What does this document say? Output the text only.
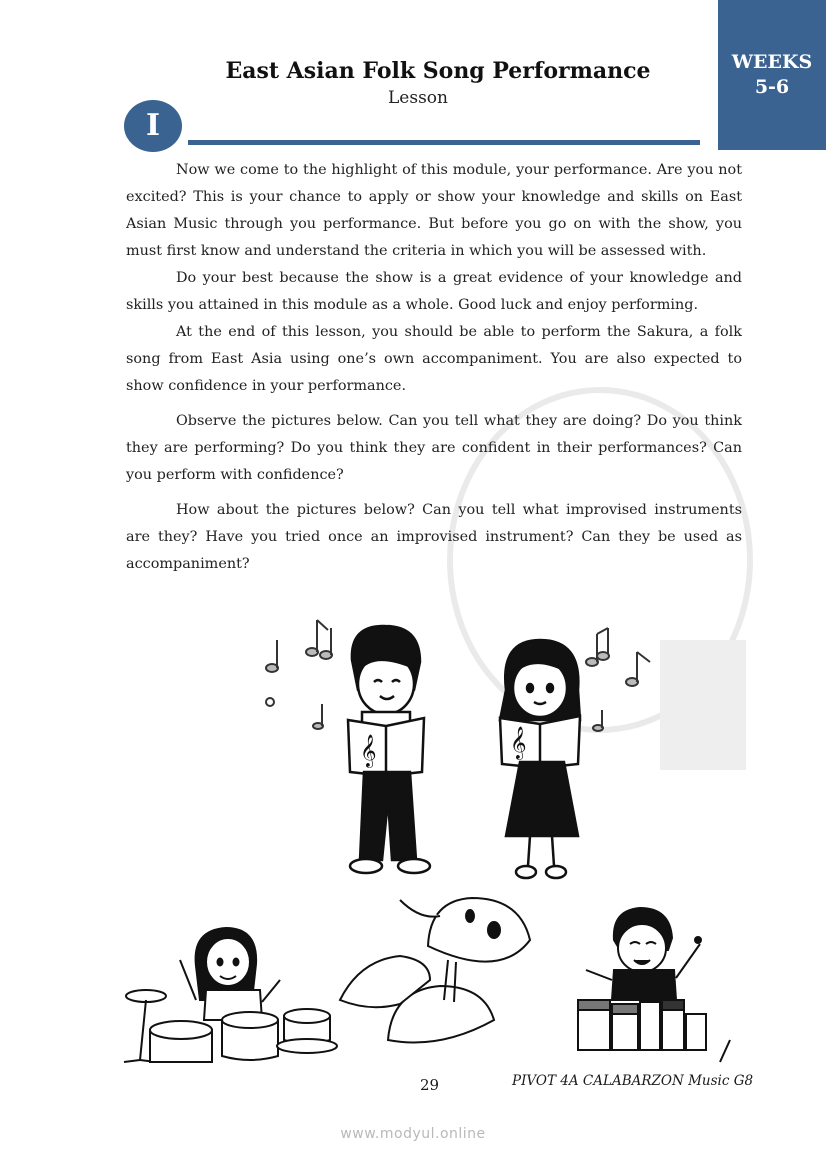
WEEKS
5-6
East Asian Folk Song Performance
Lesson
I

Now we come to the highlight of this module, your performance. Are you not excited? This is your chance to apply or show your knowledge and skills on East Asian Music through you performance. But before you go on with the show, you must first know and understand the criteria in which you will be assessed with.

Do your best because the show is a great evidence of your knowledge and skills you attained in this module as a whole. Good luck and enjoy performing.

At the end of this lesson, you should be able to perform the Sakura, a folk song from East Asia using one’s own accompaniment. You are also expected to show confidence in your performance.

Observe the pictures below. Can you tell what they are doing? Do you think they are performing? Do you think they are confident in their performances? Can you perform with confidence?

How about the pictures below? Can you tell what improvised instruments are they? Have you tried once an improvised instrument? Can they be used as accompaniment?

𝄞	𝄞
29	PIVOT 4A CALABARZON Music G8
www.modyul.online
